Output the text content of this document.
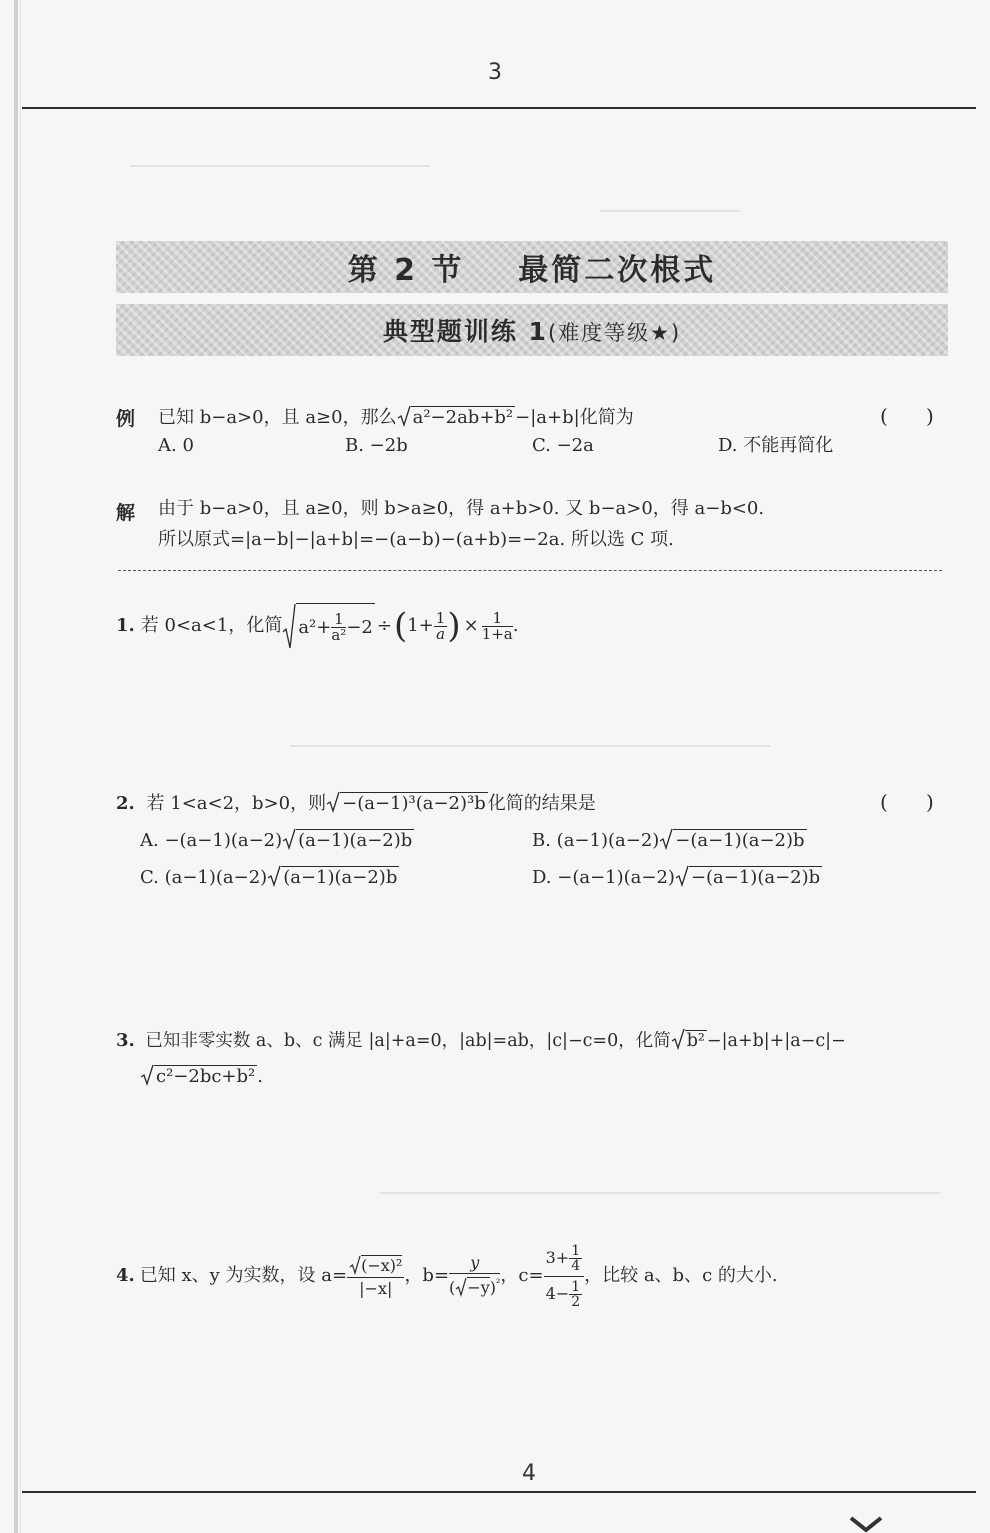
3
第 2 节    最简二次根式
典型题训练 1(难度等级★)
例 已知 b−a>0，且 a≥0，那么 a²−2ab+b² −|a+b|化简为	(      )
A. 0	B. −2b	C. −2a	D. 不能再简化
解 由于 b−a>0，且 a≥0，则 b>a≥0，得 a+b>0. 又 b−a>0，得 a−b<0.
所以原式=|a−b|−|a+b|=−(a−b)−(a+b)=−2a. 所以选 C 项.
1. 若 0<a<1，化简 $a^2+ \frac{1}{\text{a²}} -2$ ÷ ( $1+ \frac{1}{a}$ ) × $\frac{1}{1+a}$ .
2. 若 1<a<2，b>0，则 −(a−1)³(a−2)³b 化简的结果是	(      )
A. −(a−1)(a−2) (a−1)(a−2)b	B. (a−1)(a−2) −(a−1)(a−2)b
C. (a−1)(a−2) (a−1)(a−2)b	D. −(a−1)(a−2) −(a−1)(a−2)b
3. 已知非零实数 a、b、c 满足 |a|+a=0，|ab|=ab，|c|−c=0，化简 b² −|a+b|+|a−c|−
c²−2bc+b² .
4. 已知 x、y 为实数，设 $a= \frac{\text{(−x)²}}{|-x|}$ ，$b= \frac{y}{( -y)^{^2}}$ ，$c= \frac{3+ \frac{1}{4}}{4- \frac{1}{2}}$ ，比较 a、b、c 的大小.
4
